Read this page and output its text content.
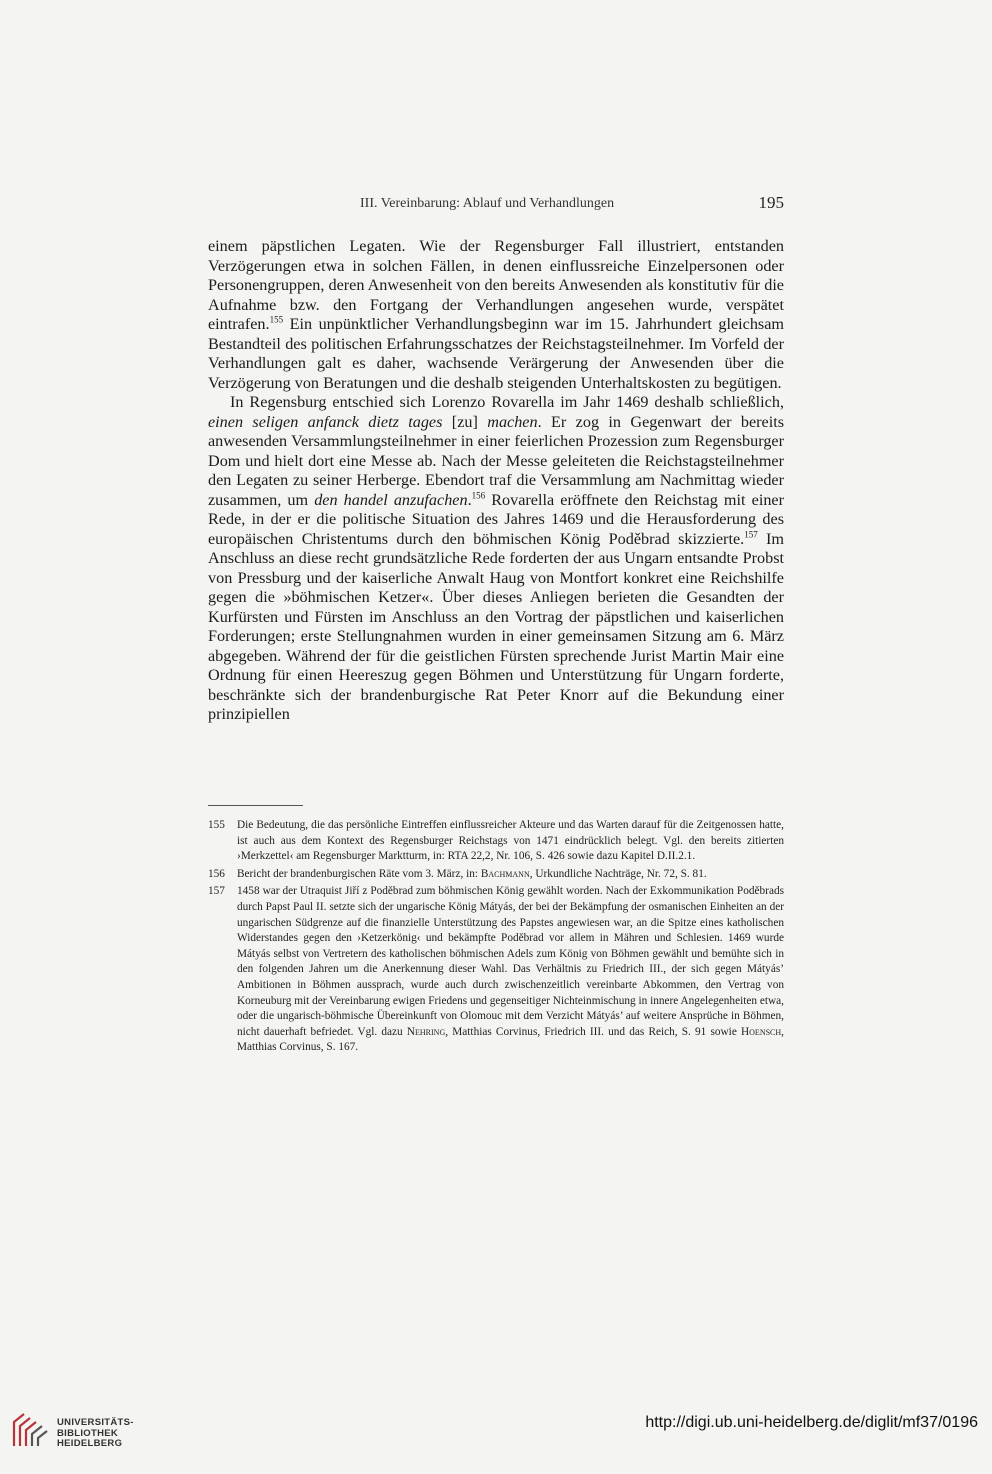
III. Vereinbarung: Ablauf und Verhandlungen	195

einem päpstlichen Legaten. Wie der Regensburger Fall illustriert, entstanden Verzögerungen etwa in solchen Fällen, in denen einflussreiche Einzelpersonen oder Personengruppen, deren Anwesenheit von den bereits Anwesenden als konstitutiv für die Aufnahme bzw. den Fortgang der Verhandlungen angesehen wurde, verspätet eintrafen.$^{155}$ Ein unpünktlicher Verhandlungsbeginn war im 15. Jahrhundert gleichsam Bestandteil des politischen Erfahrungsschatzes der Reichstagsteilnehmer. Im Vorfeld der Verhandlungen galt es daher, wachsende Verärgerung der Anwesenden über die Verzögerung von Beratungen und die deshalb steigenden Unterhaltskosten zu begütigen.

In Regensburg entschied sich Lorenzo Rovarella im Jahr 1469 deshalb schließlich, einen seligen anfanck dietz tages [zu] machen. Er zog in Gegenwart der bereits anwesenden Versammlungsteilnehmer in einer feierlichen Prozession zum Regensburger Dom und hielt dort eine Messe ab. Nach der Messe geleiteten die Reichstagsteilnehmer den Legaten zu seiner Herberge. Ebendort traf die Versammlung am Nachmittag wieder zusammen, um den handel anzufachen.$^{156}$ Rovarella eröffnete den Reichstag mit einer Rede, in der er die politische Situation des Jahres 1469 und die Herausforderung des europäischen Christentums durch den böhmischen König Poděbrad skizzierte.$^{157}$ Im Anschluss an diese recht grundsätzliche Rede forderten der aus Ungarn entsandte Probst von Pressburg und der kaiserliche Anwalt Haug von Montfort konkret eine Reichshilfe gegen die »böhmischen Ketzer«. Über dieses Anliegen berieten die Gesandten der Kurfürsten und Fürsten im Anschluss an den Vortrag der päpstlichen und kaiserlichen Forderungen; erste Stellungnahmen wurden in einer gemeinsamen Sitzung am 6. März abgegeben. Während der für die geistlichen Fürsten sprechende Jurist Martin Mair eine Ordnung für einen Heereszug gegen Böhmen und Unterstützung für Ungarn forderte, beschränkte sich der brandenburgische Rat Peter Knorr auf die Bekundung einer prinzipiellen

155 Die Bedeutung, die das persönliche Eintreffen einflussreicher Akteure und das Warten darauf für die Zeitgenossen hatte, ist auch aus dem Kontext des Regensburger Reichstags von 1471 eindrücklich belegt. Vgl. den bereits zitierten ›Merkzettel‹ am Regensburger Marktturm, in: RTA 22,2, Nr. 106, S. 426 sowie dazu Kapitel D.II.2.1.
156 Bericht der brandenburgischen Räte vom 3. März, in: Bachmann, Urkundliche Nachträge, Nr. 72, S. 81.
157 1458 war der Utraquist Jiří z Poděbrad zum böhmischen König gewählt worden. Nach der Exkommunikation Poděbrads durch Papst Paul II. setzte sich der ungarische König Mátyás, der bei der Bekämpfung der osmanischen Einheiten an der ungarischen Südgrenze auf die finanzielle Unterstützung des Papstes angewiesen war, an die Spitze eines katholischen Widerstandes gegen den ›Ketzerkönig‹ und bekämpfte Poděbrad vor allem in Mähren und Schlesien. 1469 wurde Mátyás selbst von Vertretern des katholischen böhmischen Adels zum König von Böhmen gewählt und bemühte sich in den folgenden Jahren um die Anerkennung dieser Wahl. Das Verhältnis zu Friedrich III., der sich gegen Mátyás’ Ambitionen in Böhmen aussprach, wurde auch durch zwischenzeitlich vereinbarte Abkommen, den Vertrag von Korneuburg mit der Vereinbarung ewigen Friedens und gegenseitiger Nichteinmischung in innere Angelegenheiten etwa, oder die ungarisch-böhmische Übereinkunft von Olomouc mit dem Verzicht Mátyás’ auf weitere Ansprüche in Böhmen, nicht dauerhaft befriedet. Vgl. dazu Nehring, Matthias Corvinus, Friedrich III. und das Reich, S. 91 sowie Hoensch, Matthias Corvinus, S. 167.
UNIVERSITÄTS-
BIBLIOTHEK
HEIDELBERG
http://digi.ub.uni-heidelberg.de/diglit/mf37/0196
